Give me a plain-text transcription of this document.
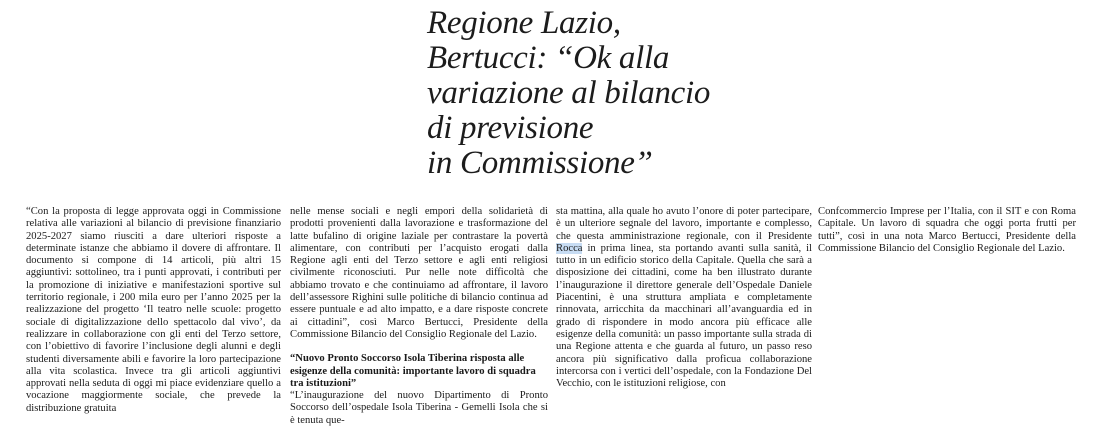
Regione Lazio,
Bertucci: “Ok alla
variazione al bilancio
di previsione
in Commissione”

“Con la proposta di legge approvata oggi in Commissione relativa alle variazioni al bilancio di previsione finanziario 2025-2027 siamo riusciti a dare ulteriori risposte a determinate istanze che abbiamo il dovere di affrontare. Il documento si compone di 14 articoli, più altri 15 aggiuntivi: sottolineo, tra i punti approvati, i contributi per la promozione di iniziative e manifestazioni sportive sul territorio regionale, i 200 mila euro per l’anno 2025 per la realizzazione del progetto ‘Il teatro nelle scuole: progetto sociale di digitalizzazione dello spettacolo dal vivo’, da realizzare in collaborazione con gli enti del Terzo settore, con l’obiettivo di favorire l’inclusione degli alunni e degli studenti diversamente abili e favorire la loro partecipazione alla vita scolastica. Invece tra gli articoli aggiuntivi approvati nella seduta di oggi mi piace evidenziare quello a vocazione maggiormente sociale, che prevede la distribuzione gratuita

nelle mense sociali e negli empori della solidarietà di prodotti provenienti dalla lavorazione e trasformazione del latte bufalino di origine laziale per contrastare la povertà alimentare, con contributi per l’acquisto erogati dalla Regione agli enti del Terzo settore e agli enti religiosi civilmente riconosciuti. Pur nelle note difficoltà che abbiamo trovato e che continuiamo ad affrontare, il lavoro dell’assessore Righini sulle politiche di bilancio continua ad essere puntuale e ad alto impatto, e a dare risposte concrete ai cittadini”, così Marco Bertucci, Presidente della Commissione Bilancio del Consiglio Regionale del Lazio.

“Nuovo Pronto Soccorso Isola Tiberina risposta alle esigenze della comunità: importante lavoro di squadra tra istituzioni”

“L’inaugurazione del nuovo Dipartimento di Pronto Soccorso dell’ospedale Isola Tiberina - Gemelli Isola che si è tenuta que-

sta mattina, alla quale ho avuto l’onore di poter partecipare, è un ulteriore segnale del lavoro, importante e complesso, che questa amministrazione regionale, con il Presidente Rocca in prima linea, sta portando avanti sulla sanità, il tutto in un edificio storico della Capitale. Quella che sarà a disposizione dei cittadini, come ha ben illustrato durante l’inaugurazione il direttore generale dell’Ospedale Daniele Piacentini, è una struttura ampliata e completamente rinnovata, arricchita da macchinari all’avanguardia ed in grado di rispondere in modo ancora più efficace alle esigenze della comunità: un passo importante sulla strada di una Regione attenta e che guarda al futuro, un passo reso ancora più significativo dalla proficua collaborazione intercorsa con i vertici dell’ospedale, con la Fondazione Del Vecchio, con le istituzioni religiose, con

Confcommercio Imprese per l’Italia, con il SIT e con Roma Capitale. Un lavoro di squadra che oggi porta frutti per tutti”, così in una nota Marco Bertucci, Presidente della Commissione Bilancio del Consiglio Regionale del Lazio.
